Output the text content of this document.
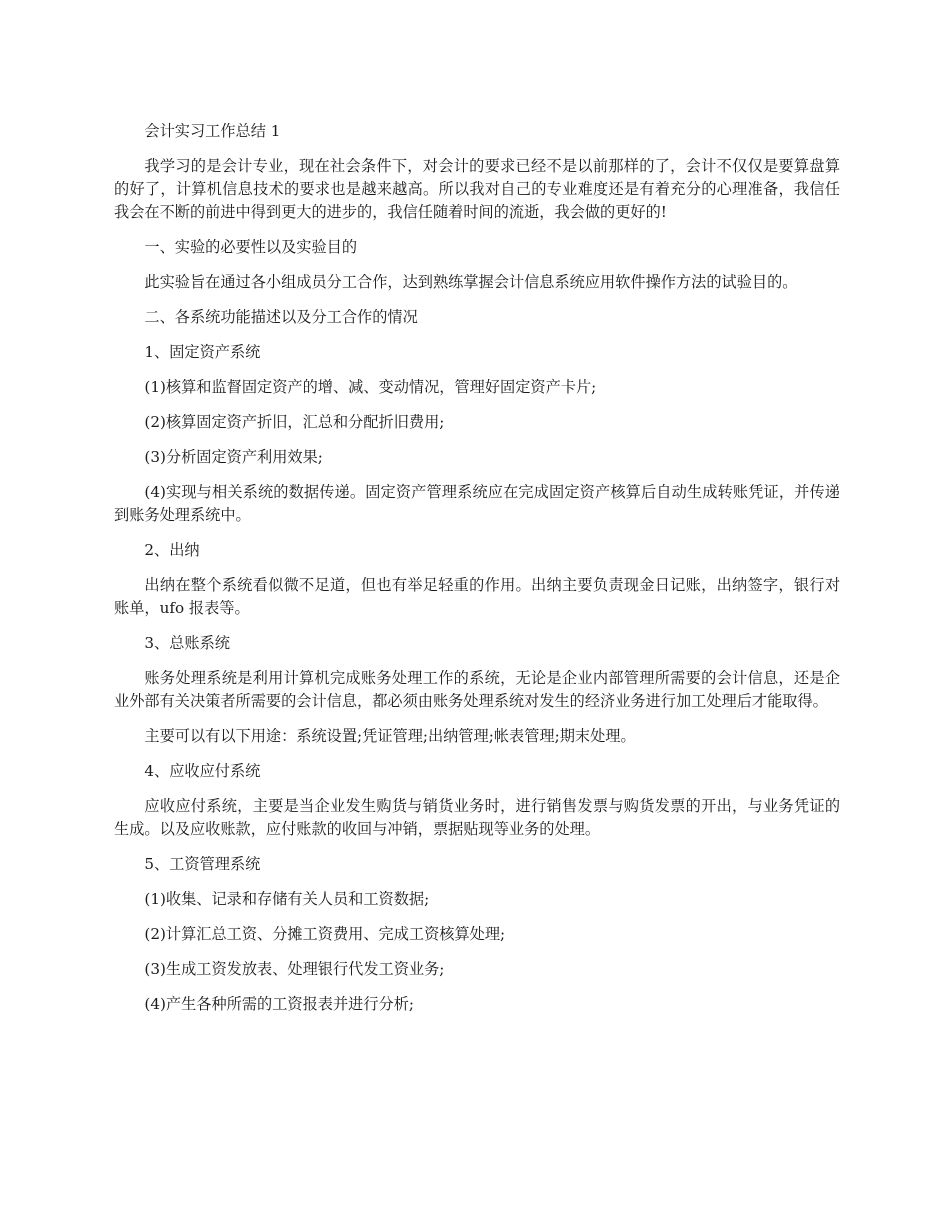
会计实习工作总结 1

我学习的是会计专业，现在社会条件下，对会计的要求已经不是以前那样的了，会计不仅仅是要算盘算的好了，计算机信息技术的要求也是越来越高。所以我对自己的专业难度还是有着充分的心理准备，我信任我会在不断的前进中得到更大的进步的，我信任随着时间的流逝，我会做的更好的!

一、实验的必要性以及实验目的

此实验旨在通过各小组成员分工合作，达到熟练掌握会计信息系统应用软件操作方法的试验目的。

二、各系统功能描述以及分工合作的情况

1、固定资产系统

(1)核算和监督固定资产的增、减、变动情况，管理好固定资产卡片;

(2)核算固定资产折旧，汇总和分配折旧费用;

(3)分析固定资产利用效果;

(4)实现与相关系统的数据传递。固定资产管理系统应在完成固定资产核算后自动生成转账凭证，并传递到账务处理系统中。

2、出纳

出纳在整个系统看似微不足道，但也有举足轻重的作用。出纳主要负责现金日记账，出纳签字，银行对账单，ufo 报表等。

3、总账系统

账务处理系统是利用计算机完成账务处理工作的系统，无论是企业内部管理所需要的会计信息，还是企业外部有关决策者所需要的会计信息，都必须由账务处理系统对发生的经济业务进行加工处理后才能取得。

主要可以有以下用途：系统设置;凭证管理;出纳管理;帐表管理;期末处理。

4、应收应付系统

应收应付系统，主要是当企业发生购货与销货业务时，进行销售发票与购货发票的开出，与业务凭证的生成。以及应收账款，应付账款的收回与冲销，票据贴现等业务的处理。

5、工资管理系统

(1)收集、记录和存储有关人员和工资数据;

(2)计算汇总工资、分摊工资费用、完成工资核算处理;

(3)生成工资发放表、处理银行代发工资业务;

(4)产生各种所需的工资报表并进行分析;
